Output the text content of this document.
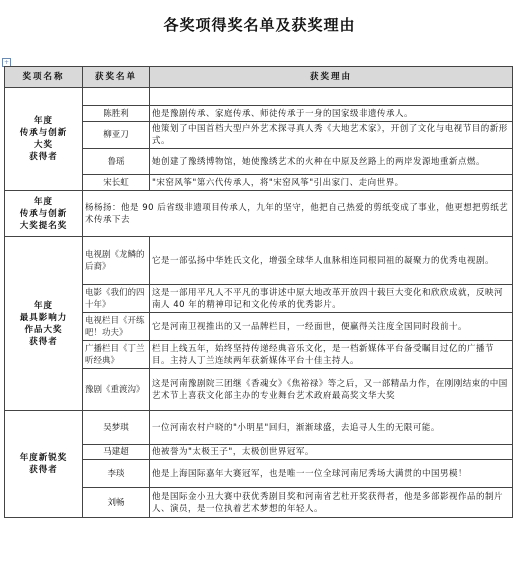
各奖项得奖名单及获奖理由
+
奖项名称	获奖名单	获奖理由

年度
传承与创新
大奖
获得者		

	陈胜利	他是豫剧传承、家庭传承、师徒传承于一身的国家级非遗传承人。
	柳亚刀	他策划了中国首档大型户外艺术探寻真人秀《大地艺术家》，开创了文化与电视节目的新形式。
	鲁瑶	她创建了豫绣博物馆，她使豫绣艺术的火种在中原及丝路上的两岸发源地重新点燃。
	宋长虹	"宋窑风筝"第六代传承人，将"宋窑风筝"引出家门、走向世界。

年度
传承与创新
大奖提名奖	杨杨扬：他是 90 后省级非遗项目传承人，九年的坚守，他把自己热爱的剪纸变成了事业，他更想把剪纸艺术传承下去	

年度
最具影响力
作品大奖
获得者	电视剧《龙鳞的后裔》	它是一部弘扬中华姓氏文化，增强全球华人血脉相连同根同祖的凝聚力的优秀电视剧。
	电影《我们的四十年》	这是一部用平凡人不平凡的事讲述中原大地改革开放四十载巨大变化和欣欣成就，反映河南人 40 年的精神印记和文化传承的优秀影片。
	电视栏目《开练吧！功夫》	它是河南卫视推出的又一品牌栏目，一经面世，便赢得关注度全国同时段前十。
	广播栏目《丁兰听经典》	栏目上线五年，始终坚持传递经典音乐文化，是一档新媒体平台备受瞩目过亿的广播节目。主持人丁兰连续两年获新媒体平台十佳主持人。
	豫剧《重渡沟》	这是河南豫剧院三团继《香魂女》《焦裕禄》等之后，又一部精品力作，在刚刚结束的中国艺术节上喜获文化部主办的专业舞台艺术政府最高奖文华大奖

年度新锐奖
获得者	吴梦琪	一位河南农村户晓的"小明星"回归，渐渐球盛，去追寻人生的无限可能。
	马建超	他被誉为"太极王子"，太极创世界冠军。
	李琰	他是上海国际嘉年大赛冠军，也是唯一一位全球河南尼秀场大满贯的中国男模！
	刘畅	他是国际金小丑大赛中获优秀剧目奖和河南省艺杜开奖获得者，他是多部影视作品的制片人、演员，是一位执着艺术梦想的年轻人。
